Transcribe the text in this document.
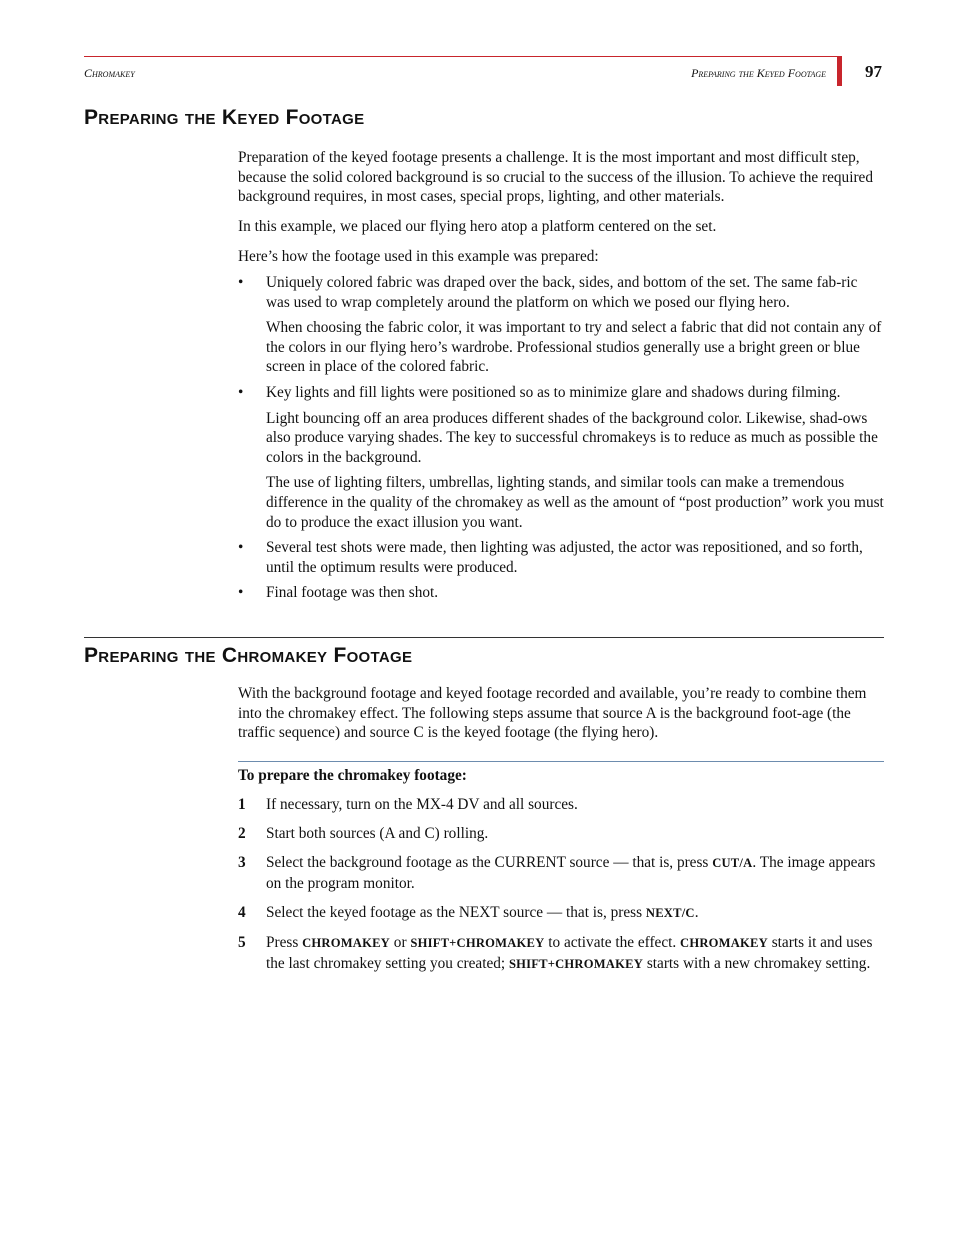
Chromakey	Preparing the Keyed Footage 97
Preparing the Keyed Footage

Preparation of the keyed footage presents a challenge. It is the most important and most difficult step, because the solid colored background is so crucial to the success of the illusion. To achieve the required background requires, in most cases, special props, lighting, and other materials.

In this example, we placed our flying hero atop a platform centered on the set.

Here’s how the footage used in this example was prepared:

• Uniquely colored fabric was draped over the back, sides, and bottom of the set. The same fab-ric was used to wrap completely around the platform on which we posed our flying hero.
When choosing the fabric color, it was important to try and select a fabric that did not contain any of the colors in our flying hero’s wardrobe. Professional studios generally use a bright green or blue screen in place of the colored fabric.
• Key lights and fill lights were positioned so as to minimize glare and shadows during filming.
Light bouncing off an area produces different shades of the background color. Likewise, shad-ows also produce varying shades. The key to successful chromakeys is to reduce as much as possible the colors in the background.
The use of lighting filters, umbrellas, lighting stands, and similar tools can make a tremendous difference in the quality of the chromakey as well as the amount of “post production” work you must do to produce the exact illusion you want.
• Several test shots were made, then lighting was adjusted, the actor was repositioned, and so forth, until the optimum results were produced.
• Final footage was then shot.
Preparing the Chromakey Footage

With the background footage and keyed footage recorded and available, you’re ready to combine them into the chromakey effect. The following steps assume that source A is the background foot-age (the traffic sequence) and source C is the keyed footage (the flying hero).

To prepare the chromakey footage:
1 If necessary, turn on the MX-4 DV and all sources.
2 Start both sources (A and C) rolling.
3 Select the background footage as the CURRENT source — that is, press CUT/A. The image appears on the program monitor.
4 Select the keyed footage as the NEXT source — that is, press NEXT/C.
5 Press CHROMAKEY or SHIFT+CHROMAKEY to activate the effect. CHROMAKEY starts it and uses the last chromakey setting you created; SHIFT+CHROMAKEY starts with a new chromakey setting.
